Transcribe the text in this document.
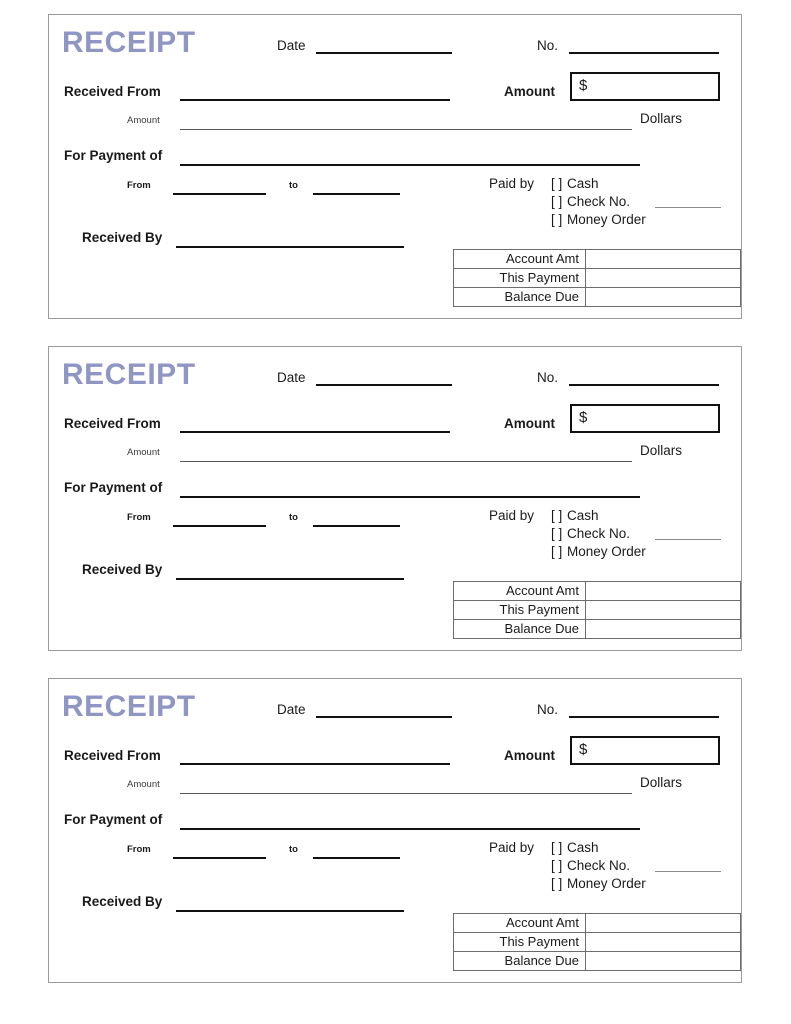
RECEIPT	Date	No.
Received From	Amount $
Amount	Dollars
For Payment of
From	to	Paid by [ ] Cash
[ ] Check No.
[ ] Money Order
Received By
Account Amt	
This Payment	
Balance Due	
RECEIPT	Date	No.
Received From	Amount $
Amount	Dollars
For Payment of
From	to	Paid by [ ] Cash
[ ] Check No.
[ ] Money Order
Received By
Account Amt	
This Payment	
Balance Due	
RECEIPT	Date	No.
Received From	Amount $
Amount	Dollars
For Payment of
From	to	Paid by [ ] Cash
[ ] Check No.
[ ] Money Order
Received By
Account Amt	
This Payment	
Balance Due	
